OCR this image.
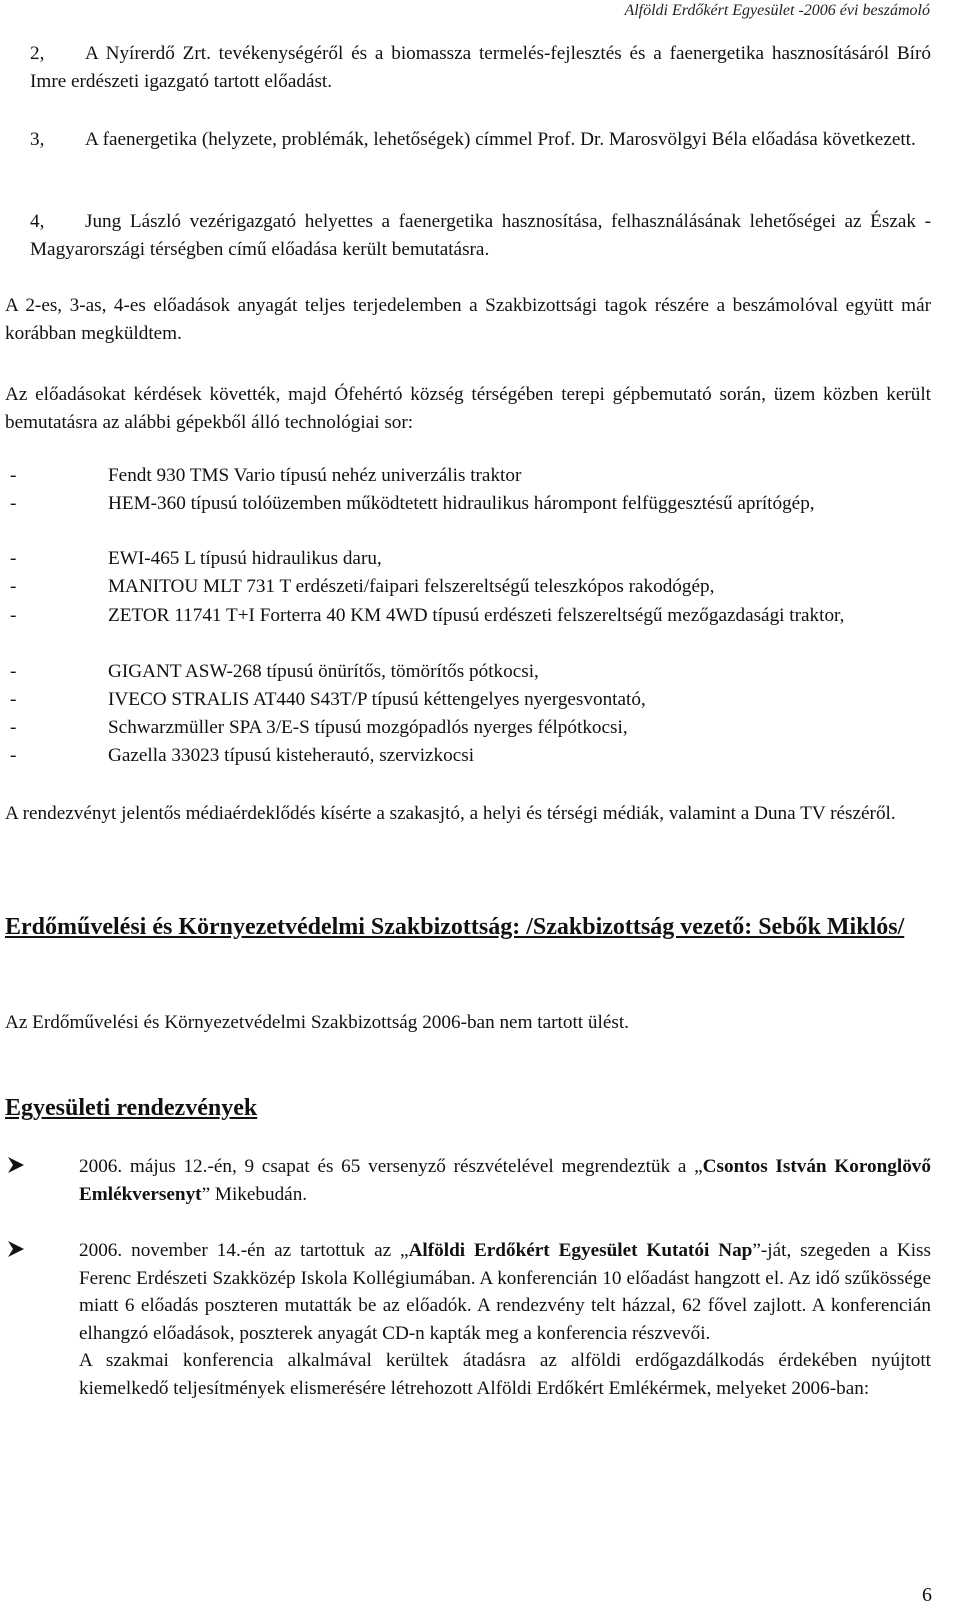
Alföldi Erdőkért Egyesület -2006 évi beszámoló
2, A Nyírerdő Zrt. tevékenységéről és a biomassza termelés-fejlesztés és a faenergetika hasznosításáról Bíró Imre erdészeti igazgató tartott előadást.
3, A faenergetika (helyzete, problémák, lehetőségek) címmel Prof. Dr. Marosvölgyi Béla előadása következett.
4, Jung László vezérigazgató helyettes a faenergetika hasznosítása, felhasználásának lehetőségei az Észak - Magyarországi térségben című előadása került bemutatásra.
A 2-es, 3-as, 4-es előadások anyagát teljes terjedelemben a Szakbizottsági tagok részére a beszámolóval együtt már korábban megküldtem.
Az előadásokat kérdések követték, majd Ófehértó község térségében terepi gépbemutató során, üzem közben került bemutatásra az alábbi gépekből álló technológiai sor:
-	Fendt 930 TMS Vario típusú nehéz univerzális traktor
-	HEM-360 típusú tolóüzemben működtetett hidraulikus hárompont felfüggesztésű aprítógép,
-	EWI-465 L típusú hidraulikus daru,
-	MANITOU MLT 731 T erdészeti/faipari felszereltségű teleszkópos rakodógép,
-	ZETOR 11741 T+I Forterra 40 KM 4WD típusú erdészeti felszereltségű mezőgazdasági traktor,
-	GIGANT ASW-268 típusú önürítős, tömörítős pótkocsi,
-	IVECO STRALIS AT440 S43T/P típusú kéttengelyes nyergesvontató,
-	Schwarzmüller SPA 3/E-S típusú mozgópadlós nyerges félpótkocsi,
-	Gazella 33023 típusú kisteherautó, szervizkocsi
A rendezvényt jelentős médiaérdeklődés kísérte a szakasjtó, a helyi és térségi médiák, valamint a Duna TV részéről.
Erdőművelési és Környezetvédelmi Szakbizottság: /Szakbizottság vezető: Sebők Miklós/
Az Erdőművelési és Környezetvédelmi Szakbizottság 2006-ban nem tartott ülést.
Egyesületi rendezvények
2006. május 12.-én, 9 csapat és 65 versenyző részvételével megrendeztük a „Csontos István Koronglövő Emlékversenyt” Mikebudán.
2006. november 14.-én az tartottuk az „Alföldi Erdőkért Egyesület Kutatói Nap”-ját, szegeden a Kiss Ferenc Erdészeti Szakközép Iskola Kollégiumában. A konferencián 10 előadást hangzott el. Az idő szűkössége miatt 6 előadás poszteren mutatták be az előadók. A rendezvény telt házzal, 62 fővel zajlott. A konferencián elhangzó előadások, poszterek anyagát CD-n kapták meg a konferencia részvevői.
A szakmai konferencia alkalmával kerültek átadásra az alföldi erdőgazdálkodás érdekében nyújtott kiemelkedő teljesítmények elismerésére létrehozott Alföldi Erdőkért Emlékérmek, melyeket 2006-ban:
6
